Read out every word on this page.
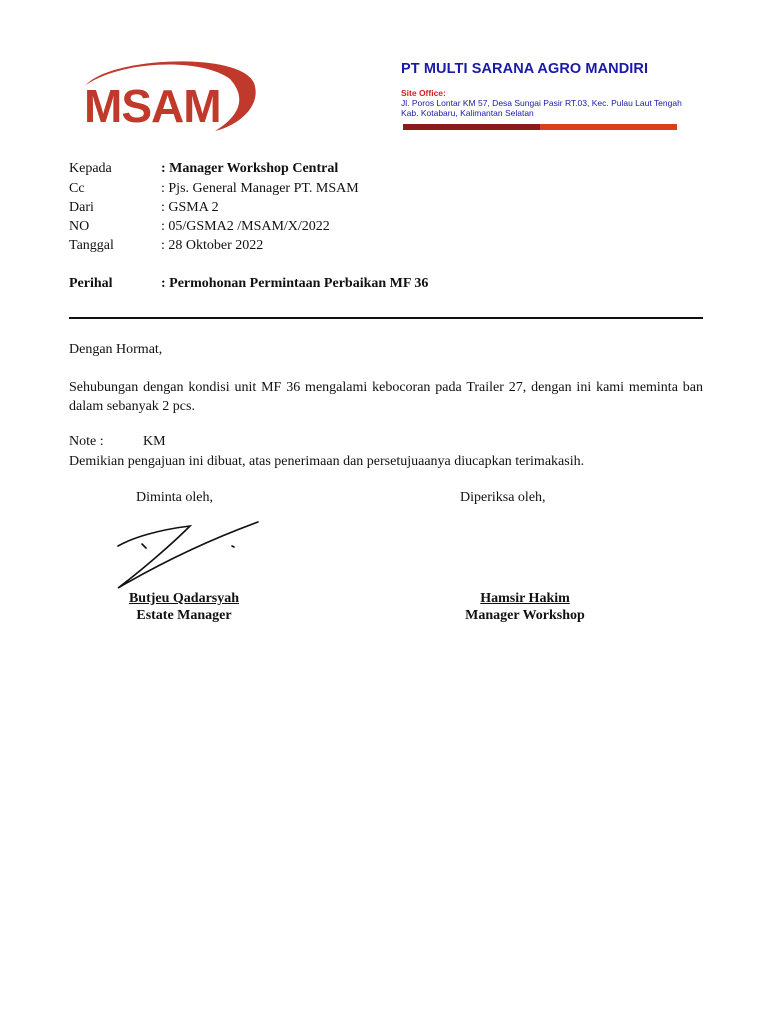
MSAM
PT MULTI SARANA AGRO MANDIRI
Site Office:
Jl. Poros Lontar KM 57, Desa Sungai Pasir RT.03, Kec. Pulau Laut Tengah
Kab. Kotabaru, Kalimantan Selatan
Kepada	: Manager Workshop Central
Cc	: Pjs. General Manager PT. MSAM
Dari	: GSMA 2
NO	: 05/GSMA2 /MSAM/X/2022
Tanggal	: 28 Oktober 2022
Perihal	: Permohonan Permintaan Perbaikan MF 36
Dengan Hormat,
Sehubungan dengan kondisi unit MF 36 mengalami kebocoran pada Trailer 27, dengan ini kami meminta ban dalam sebanyak 2 pcs.
Note :	KM
Demikian pengajuan ini dibuat, atas penerimaan dan persetujuaanya diucapkan terimakasih.
Diminta oleh,	Diperiksa oleh,
Butjeu Qadarsyah
Estate Manager
Hamsir Hakim
Manager Workshop
